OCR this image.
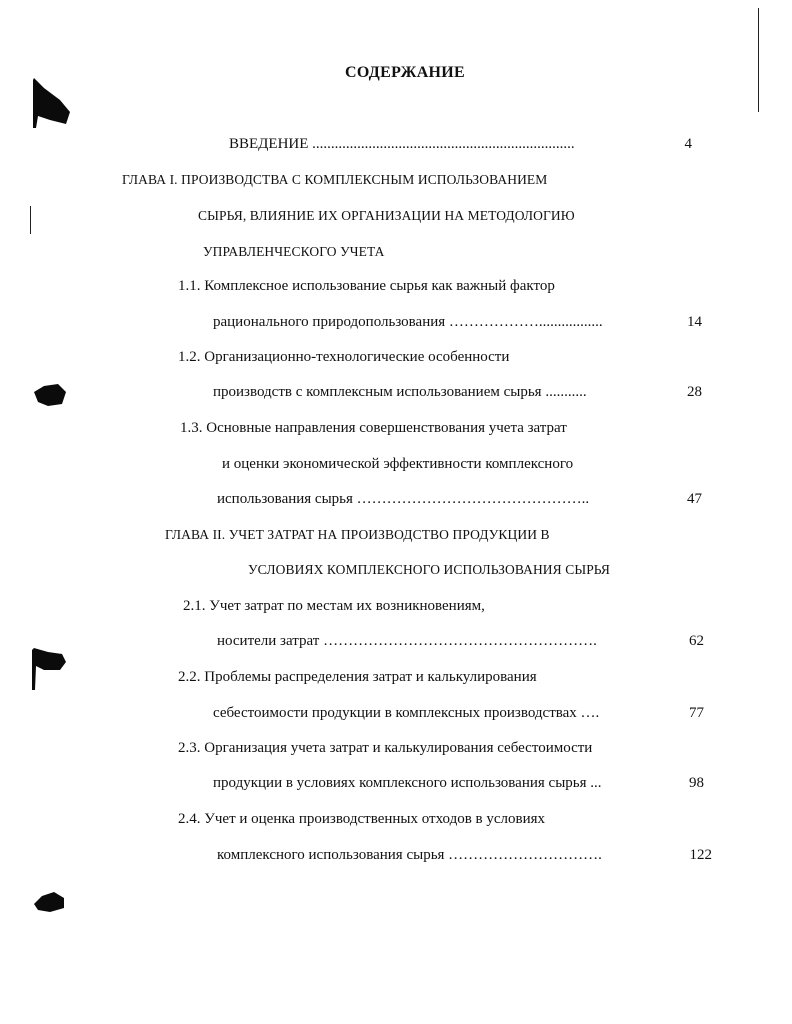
СОДЕРЖАНИЕ
ВВЕДЕНИЕ ......................................................................	4
ГЛАВА I. ПРОИЗВОДСТВА С КОМПЛЕКСНЫМ ИСПОЛЬЗОВАНИЕМ
СЫРЬЯ, ВЛИЯНИЕ ИХ ОРГАНИЗАЦИИ НА МЕТОДОЛОГИЮ
УПРАВЛЕНЧЕСКОГО УЧЕТА
1.1. Комплексное использование сырья как важный фактор
рационального природопользования ……………….................	14
1.2. Организационно-технологические особенности
производств с комплексным использованием сырья ...........	28
1.3. Основные направления совершенствования учета затрат
и оценки экономической эффективности комплексного
использования сырья ………………………………………..	47
ГЛАВА II. УЧЕТ ЗАТРАТ НА ПРОИЗВОДСТВО ПРОДУКЦИИ В
УСЛОВИЯХ КОМПЛЕКСНОГО ИСПОЛЬЗОВАНИЯ СЫРЬЯ
2.1. Учет затрат по местам их возникновениям,
носители затрат ……………………………………………….	62
2.2. Проблемы распределения затрат и калькулирования
себестоимости продукции в комплексных производствах ….	77
2.3. Организация учета затрат и калькулирования себестоимости
продукции в условиях комплексного использования сырья ...	98
2.4. Учет и оценка производственных отходов в условиях
комплексного использования сырья ………………………….	122
